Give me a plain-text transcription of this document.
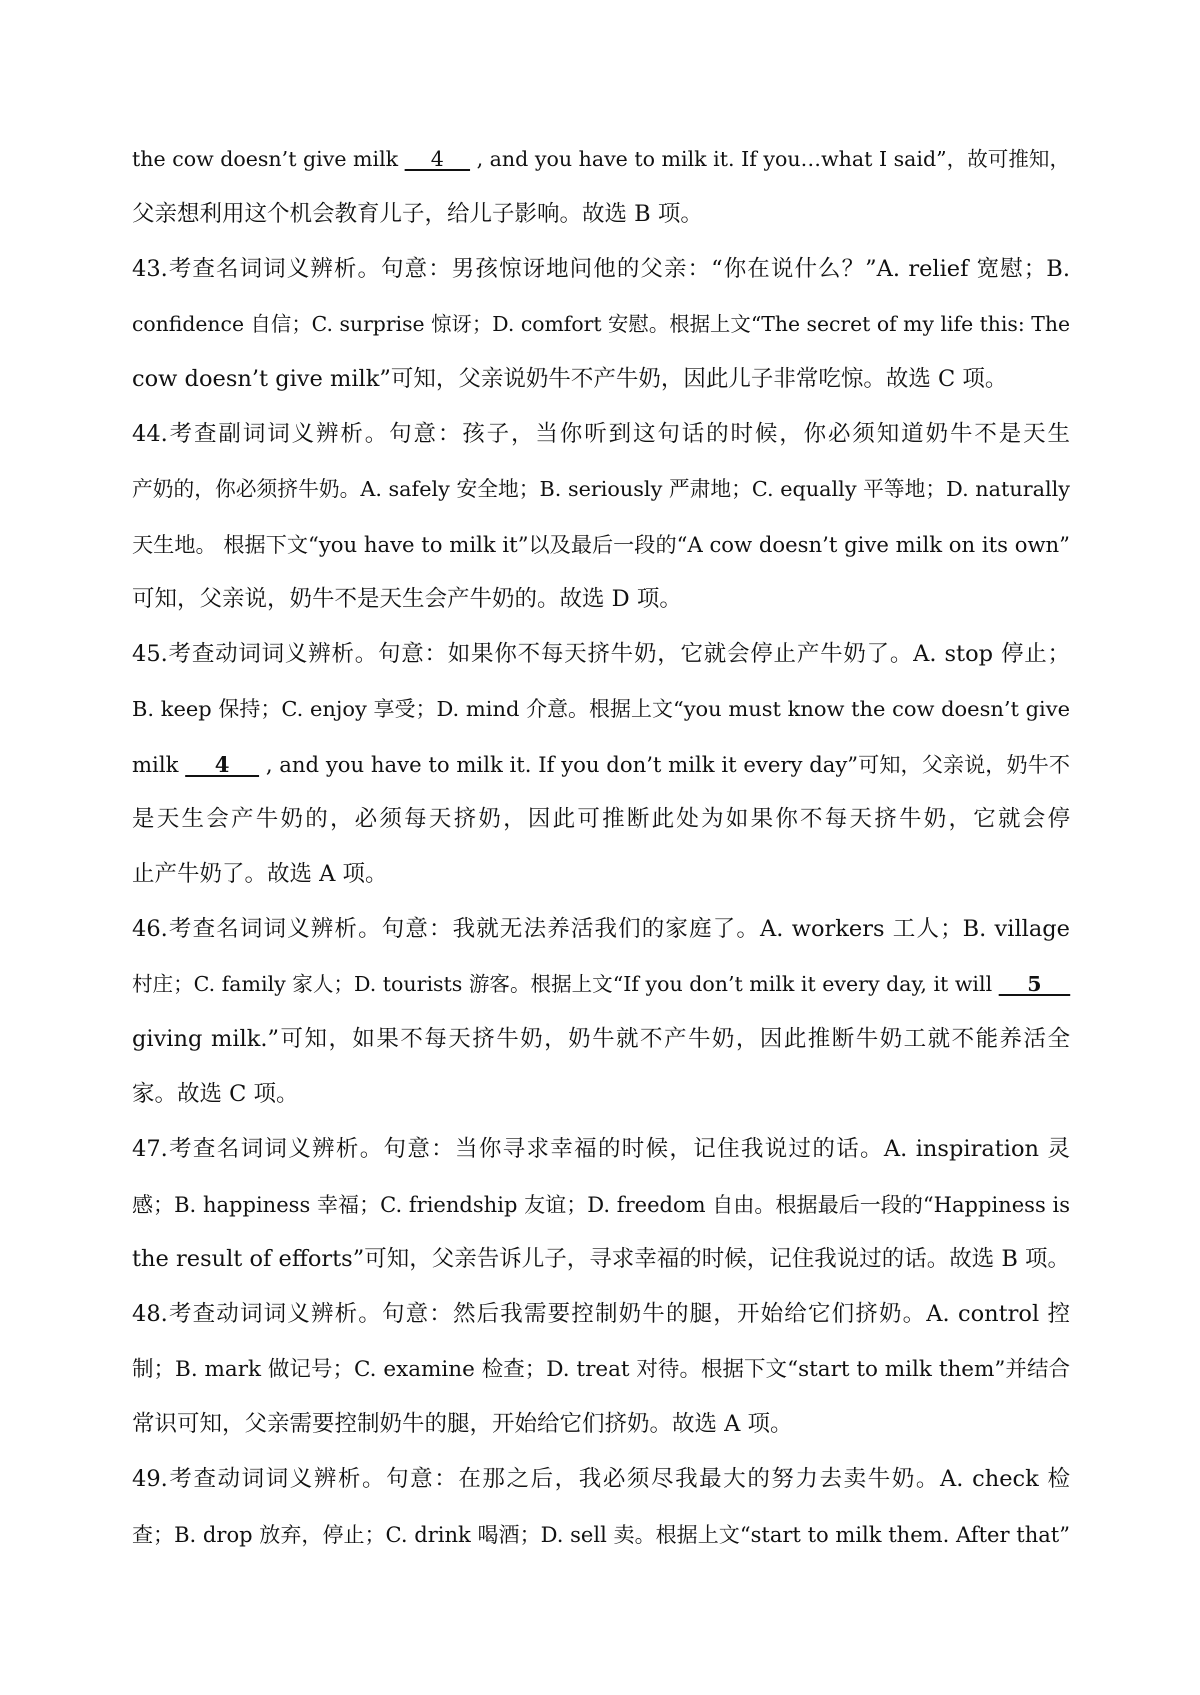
the cow doesn’t give milk     4     , and you have to milk it. If you…what I said”，故可推知，
父亲想利用这个机会教育儿子，给儿子影响。故选 B 项。
43.考查名词词义辨析。句意：男孩惊讶地问他的父亲：“你在说什么？”A. relief 宽慰；B.
confidence 自信；C. surprise 惊讶；D. comfort 安慰。根据上文“The secret of my life this: The
cow doesn’t give milk”可知，父亲说奶牛不产牛奶，因此儿子非常吃惊。故选 C 项。
44.考查副词词义辨析。句意：孩子，当你听到这句话的时候，你必须知道奶牛不是天生
产奶的，你必须挤牛奶。A. safely 安全地；B. seriously 严肃地；C. equally 平等地；D. naturally
天生地。 根据下文“you have to milk it”以及最后一段的“A cow doesn’t give milk on its own”
可知，父亲说，奶牛不是天生会产牛奶的。故选 D 项。
45.考查动词词义辨析。句意：如果你不每天挤牛奶，它就会停止产牛奶了。A. stop 停止；
B. keep 保持；C. enjoy 享受；D. mind 介意。根据上文“you must know the cow doesn’t give
milk     4     , and you have to milk it. If you don’t milk it every day”可知，父亲说，奶牛不
是天生会产牛奶的，必须每天挤奶，因此可推断此处为如果你不每天挤牛奶，它就会停
止产牛奶了。故选 A 项。
46.考查名词词义辨析。句意：我就无法养活我们的家庭了。A. workers 工人；B. village
村庄；C. family 家人；D. tourists 游客。根据上文“If you don’t milk it every day, it will     5
giving milk.”可知，如果不每天挤牛奶，奶牛就不产牛奶，因此推断牛奶工就不能养活全
家。故选 C 项。
47.考查名词词义辨析。句意：当你寻求幸福的时候，记住我说过的话。A. inspiration 灵
感；B. happiness 幸福；C. friendship 友谊；D. freedom 自由。根据最后一段的“Happiness is
the result of efforts”可知，父亲告诉儿子，寻求幸福的时候，记住我说过的话。故选 B 项。
48.考查动词词义辨析。句意：然后我需要控制奶牛的腿，开始给它们挤奶。A. control 控
制；B. mark 做记号；C. examine 检查；D. treat 对待。根据下文“start to milk them”并结合
常识可知，父亲需要控制奶牛的腿，开始给它们挤奶。故选 A 项。
49.考查动词词义辨析。句意：在那之后，我必须尽我最大的努力去卖牛奶。A. check 检
查；B. drop 放弃，停止；C. drink 喝酒；D. sell 卖。根据上文“start to milk them. After that”
